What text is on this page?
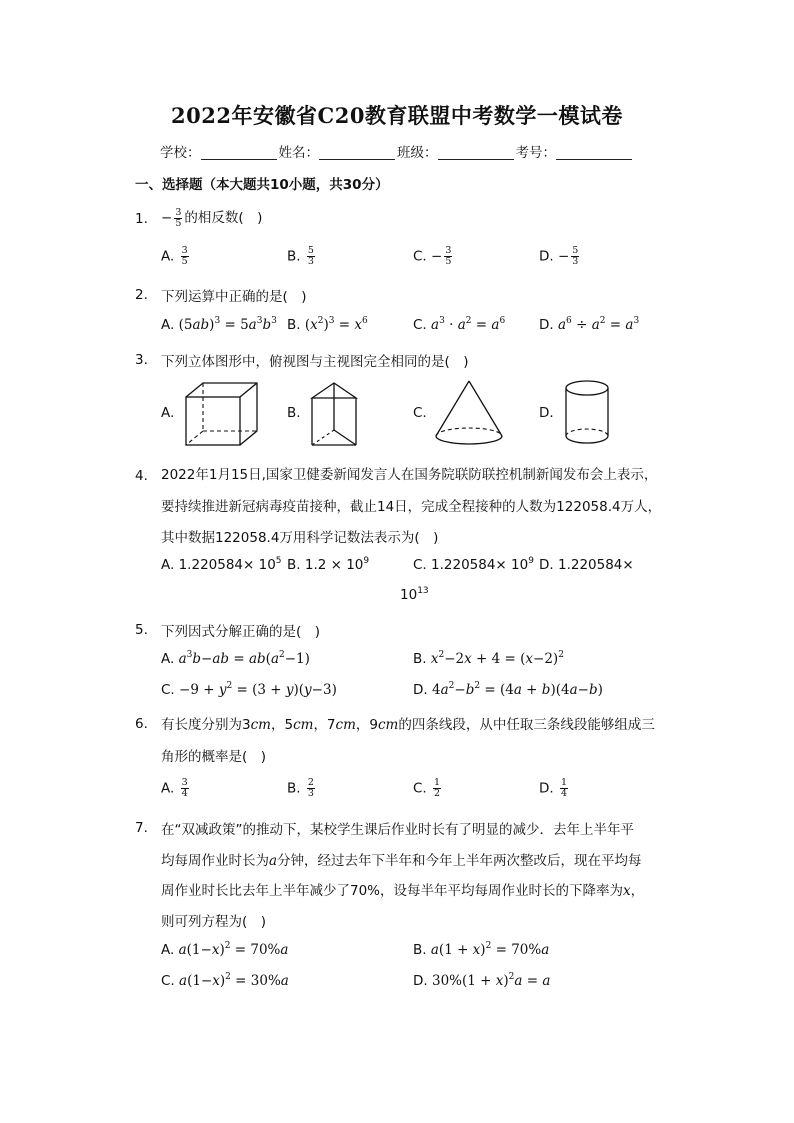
2022年安徽省C20教育联盟中考数学一模试卷
学校：	姓名：	班级：	考号：
一、选择题（本大题共10小题，共30分）
1. − $\frac{3}{5}$ 的相反数(　)
A. $\frac{3}{5}$	B. $\frac{5}{3}$	C. − $\frac{3}{5}$	D. − $\frac{5}{3}$
2. 下列运算中正确的是(　)
A. $(5ab)^3 = 5a^3b^3$ B. $(x^2)^3 = x^6$	C. $a^3 \cdot a^2 = a^6$	D. $a^6 \div a^2 = a^3$
3. 下列立体图形中，俯视图与主视图完全相同的是(　)
A.	B.	C.	D.
4. 2022年1月15日,国家卫健委新闻发言人在国务院联防联控机制新闻发布会上表示，
要持续推进新冠病毒疫苗接种，截止14日，完成全程接种的人数为122058.4万人，
其中数据122058.4万用科学记数法表示为(　)
A. $1.220584\times 10^5$ B. $1.2 \times 10^9$	C. $1.220584\times 10^9$ D. 1.220584×
$10^{13}$
5. 下列因式分解正确的是(　)
A. $a^3b-ab = ab(a^2-1)$	B. $x^2-2x + 4 = (x-2)^2$
C. $-9 + y^2 = (3 + y)(y-3)$	D. $4a^2-b^2 = (4a + b)(4a-b)$
6. 有长度分别为3cm，5cm，7cm，9cm的四条线段，从中任取三条线段能够组成三
角形的概率是(　)
A. $\frac{3}{4}$	B. $\frac{2}{3}$	C. $\frac{1}{2}$	D. $\frac{1}{4}$
7. 在“双减政策”的推动下，某校学生课后作业时长有了明显的减少．去年上半年平
均每周作业时长为a分钟，经过去年下半年和今年上半年两次整改后，现在平均每
周作业时长比去年上半年减少了70%，设每半年平均每周作业时长的下降率为x，
则可列方程为(　)
A. $a(1-x)^2 = 70\%a$	B. $a(1 + x)^2 = 70\%a$
C. $a(1-x)^2 = 30\%a$	D. $30\%(1 + x)^2a = a$
